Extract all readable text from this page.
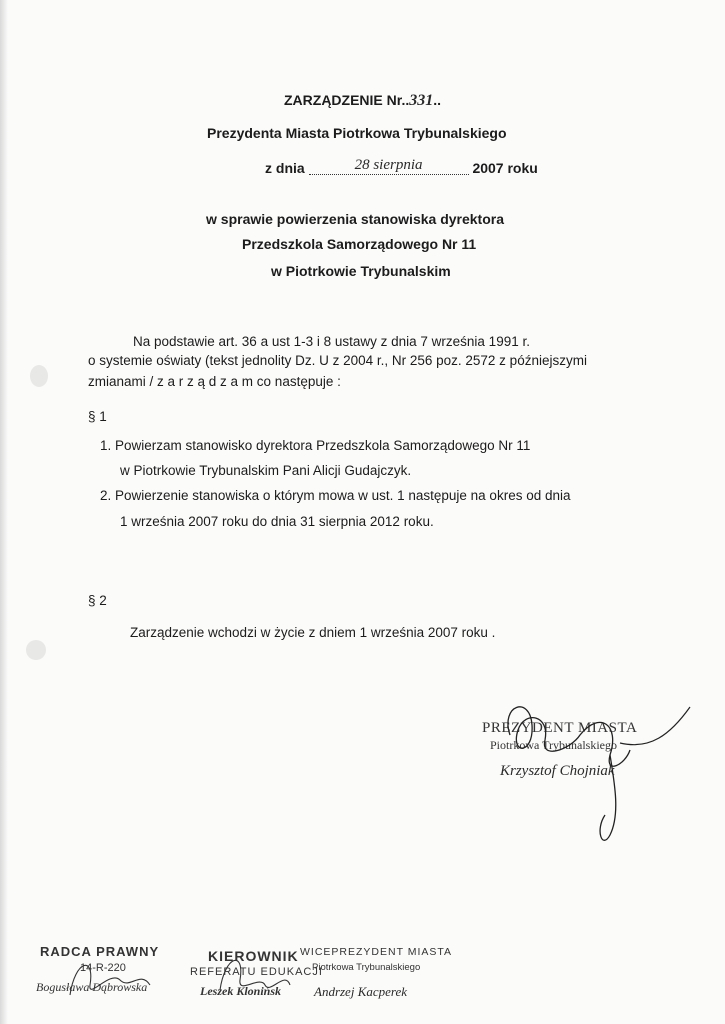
ZARZĄDZENIE Nr..331..
Prezydenta Miasta Piotrkowa Trybunalskiego
z dnia	28 sierpnia	2007 roku
w sprawie powierzenia stanowiska dyrektora
Przedszkola Samorządowego Nr 11
w Piotrkowie Trybunalskim
Na podstawie art. 36 a ust 1-3 i 8 ustawy z dnia 7 września 1991 r.
o systemie oświaty (tekst jednolity Dz. U z 2004 r., Nr 256 poz. 2572 z późniejszymi
zmianami / z a r z ą d z a m co następuje :
§ 1
1. Powierzam stanowisko dyrektora Przedszkola Samorządowego Nr 11
w Piotrkowie Trybunalskim Pani Alicji Gudajczyk.
2. Powierzenie stanowiska o którym mowa w ust. 1 następuje na okres od dnia
1 września 2007 roku do dnia 31 sierpnia 2012 roku.
§ 2
Zarządzenie wchodzi w życie z dniem 1 września 2007 roku .
PREZYDENT MIASTA
Piotrkowa Trybunalskiego
Krzysztof Chojniak
RADCA PRAWNY
14-R-220
Bogusława Dąbrowska
KIEROWNIK
REFERATU EDUKACJI
Leszek Klonińsk
WICEPREZYDENT MIASTA
Piotrkowa Trybunalskiego
Andrzej Kacperek
